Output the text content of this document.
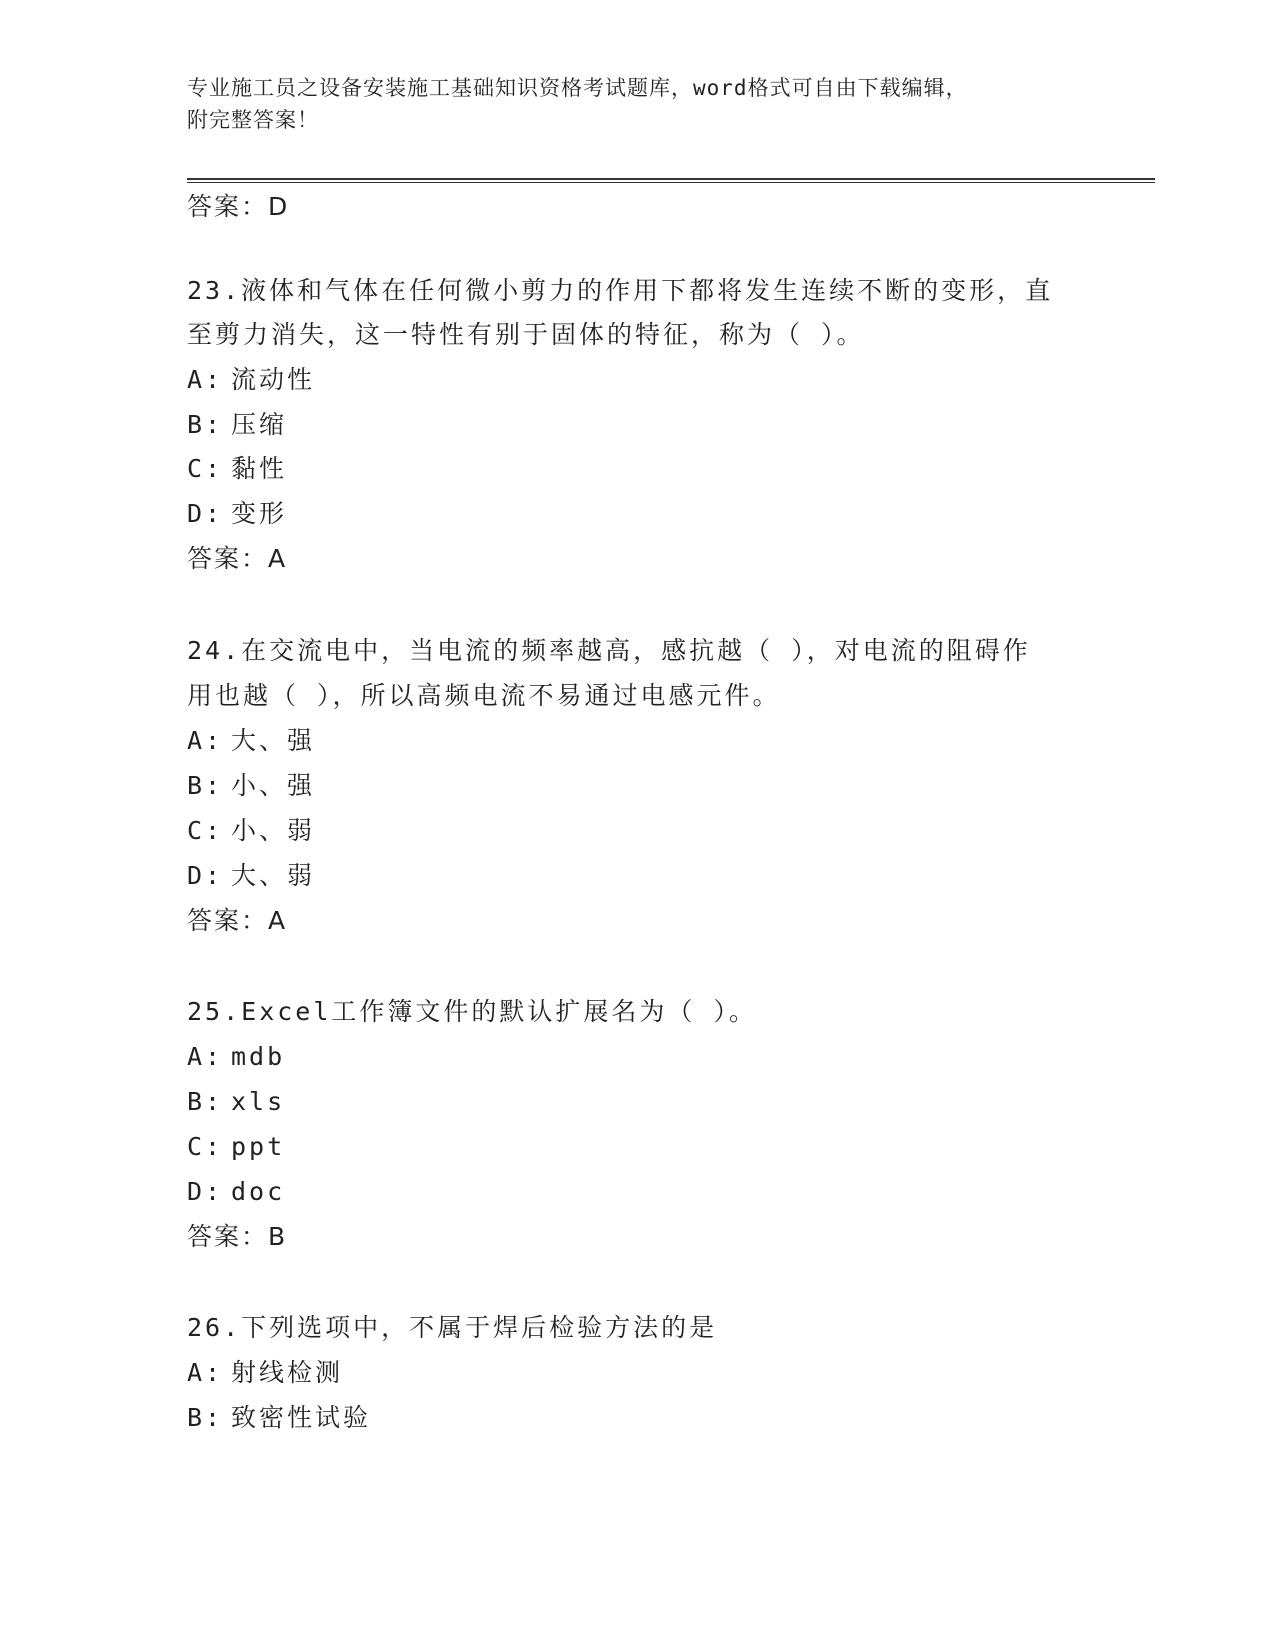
专业施工员之设备安装施工基础知识资格考试题库，word格式可自由下载编辑，
附完整答案！
答案：D
23.液体和气体在任何微小剪力的作用下都将发生连续不断的变形，直
至剪力消失，这一特性有别于固体的特征，称为（ ）。
A: 流动性
B: 压缩
C: 黏性
D: 变形
答案：A
24.在交流电中，当电流的频率越高，感抗越（ ），对电流的阻碍作
用也越（ ），所以高频电流不易通过电感元件。
A: 大、强
B: 小、强
C: 小、弱
D: 大、弱
答案：A
25.Excel工作簿文件的默认扩展名为（ ）。
A: mdb
B: xls
C: ppt
D: doc
答案：B
26.下列选项中，不属于焊后检验方法的是
A: 射线检测
B: 致密性试验
